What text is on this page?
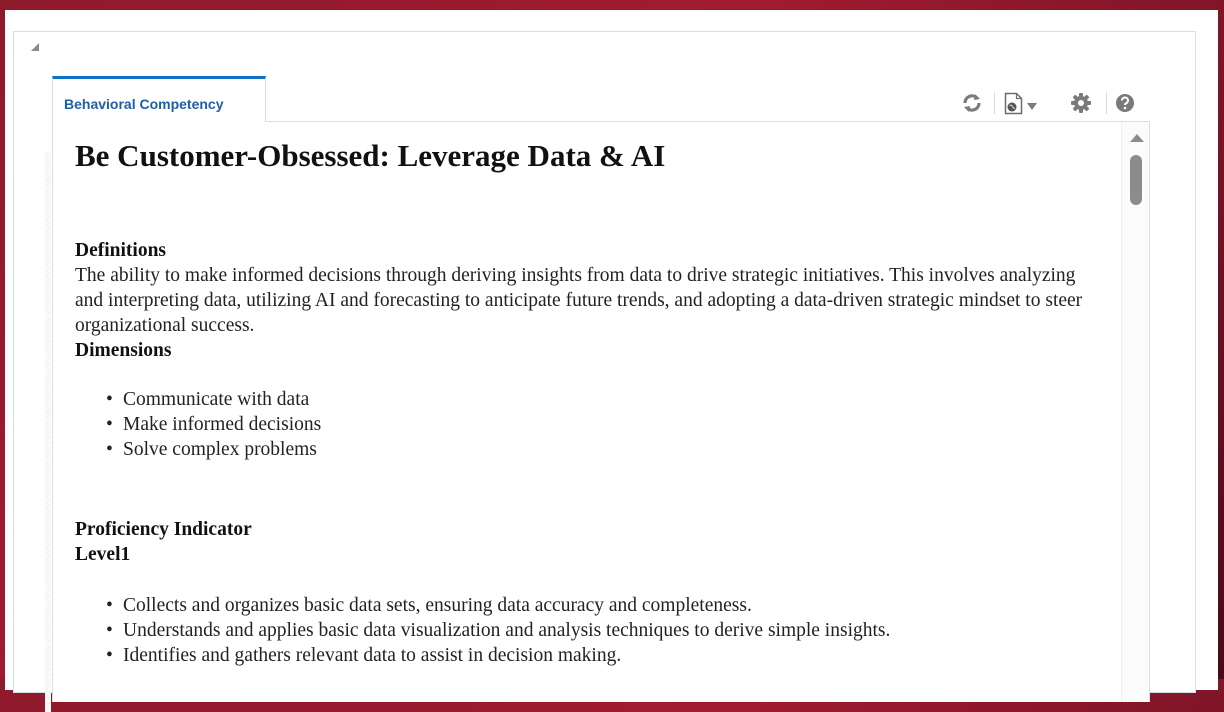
Behavioral Competency
Be Customer-Obsessed: Leverage Data & AI
Definitions
The ability to make informed decisions through deriving insights from data to drive strategic initiatives. This involves analyzing and interpreting data, utilizing AI and forecasting to anticipate future trends, and adopting a data-driven strategic mindset to steer organizational success.
Dimensions
• Communicate with data
• Make informed decisions
• Solve complex problems
Proficiency Indicator
Level1
• Collects and organizes basic data sets, ensuring data accuracy and completeness.
• Understands and applies basic data visualization and analysis techniques to derive simple insights.
• Identifies and gathers relevant data to assist in decision making.
